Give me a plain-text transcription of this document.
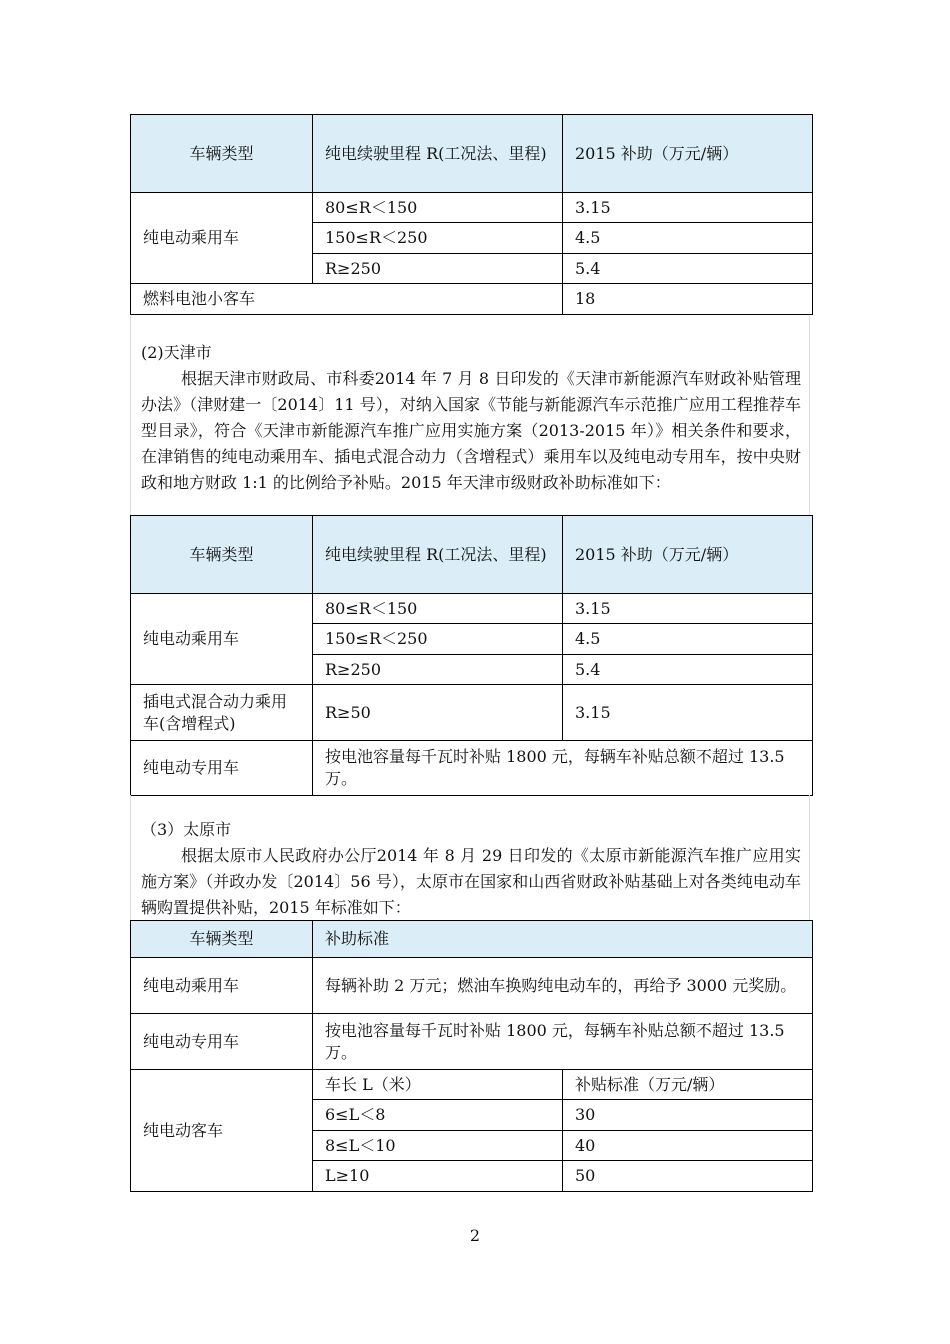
车辆类型	纯电续驶里程 R(工况法、里程)	2015 补助（万元/辆）
纯电动乘用车	80≤R＜150	3.15
	150≤R＜250	4.5
	R≥250	5.4
燃料电池小客车		18

(2)天津市

根据天津市财政局、市科委2014 年 7 月 8 日印发的《天津市新能源汽车财政补贴管理办法》（津财建一〔2014〕11 号），对纳入国家《节能与新能源汽车示范推广应用工程推荐车型目录》，符合《天津市新能源汽车推广应用实施方案（2013-2015 年）》相关条件和要求，在津销售的纯电动乘用车、插电式混合动力（含增程式）乘用车以及纯电动专用车，按中央财政和地方财政 1:1 的比例给予补贴。2015 年天津市级财政补助标准如下：

车辆类型	纯电续驶里程 R(工况法、里程)	2015 补助（万元/辆）
纯电动乘用车	80≤R＜150	3.15
	150≤R＜250	4.5
	R≥250	5.4
插电式混合动力乘用车(含增程式)	R≥50	3.15
纯电动专用车	按电池容量每千瓦时补贴 1800 元，每辆车补贴总额不超过 13.5 万。	

（3）太原市

根据太原市人民政府办公厅2014 年 8 月 29 日印发的《太原市新能源汽车推广应用实施方案》（并政办发〔2014〕56 号），太原市在国家和山西省财政补贴基础上对各类纯电动车辆购置提供补贴，2015 年标准如下：

车辆类型	补助标准	
纯电动乘用车	每辆补助 2 万元；燃油车换购纯电动车的，再给予 3000 元奖励。	
纯电动专用车	按电池容量每千瓦时补贴 1800 元，每辆车补贴总额不超过 13.5 万。	
纯电动客车	车长 L（米）	补贴标准（万元/辆）
	6≤L＜8	30
	8≤L＜10	40
	L≥10	50
2
